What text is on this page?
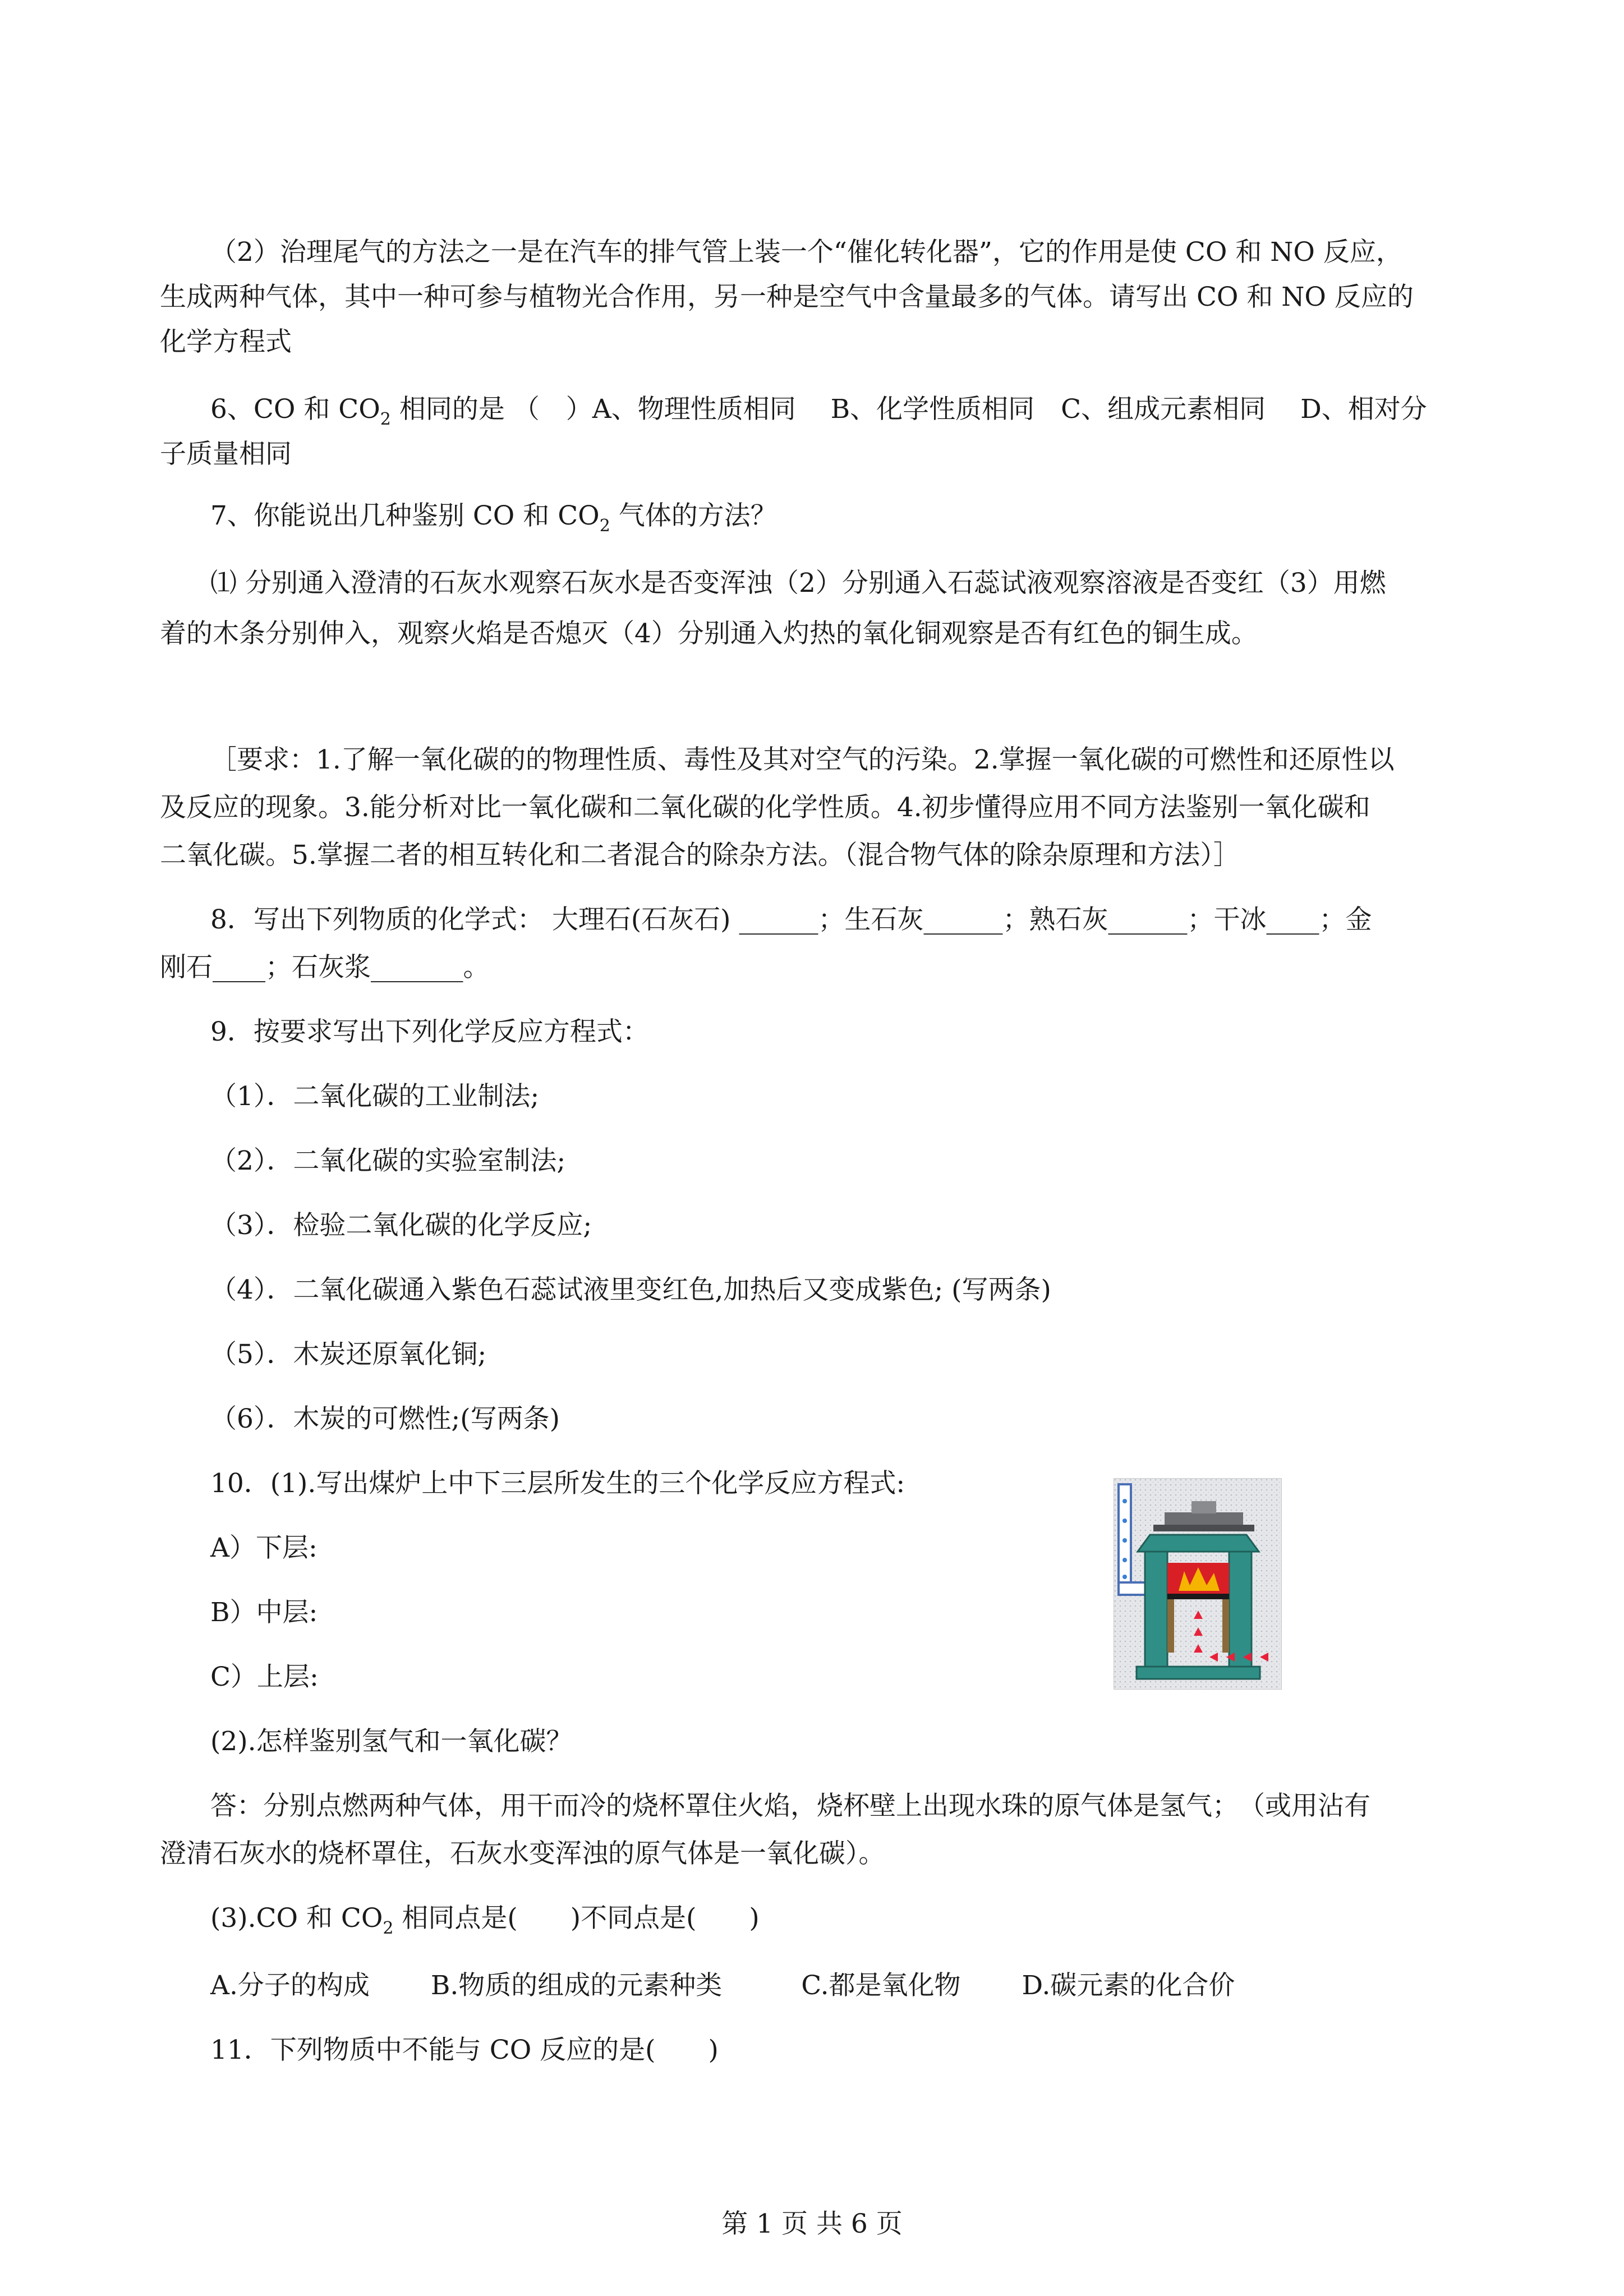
（2）治理尾气的方法之一是在汽车的排气管上装一个“催化转化器”，它的作用是使 CO 和 NO 反应，
生成两种气体，其中一种可参与植物光合作用，另一种是空气中含量最多的气体。请写出 CO 和 NO 反应的
化学方程式
6、CO 和 $CO_2$ 相同的是 （　）A、物理性质相同　 B、化学性质相同　C、组成元素相同　 D、相对分
子质量相同
7、你能说出几种鉴别 CO 和 $CO_2$ 气体的方法？
⑴ 分别通入澄清的石灰水观察石灰水是否变浑浊（2）分别通入石蕊试液观察溶液是否变红（3）用燃
着的木条分别伸入，观察火焰是否熄灭（4）分别通入灼热的氧化铜观察是否有红色的铜生成。
［要求：1.了解一氧化碳的的物理性质、毒性及其对空气的污染。2.掌握一氧化碳的可燃性和还原性以
及反应的现象。3.能分析对比一氧化碳和二氧化碳的化学性质。4.初步懂得应用不同方法鉴别一氧化碳和
二氧化碳。5.掌握二者的相互转化和二者混合的除杂方法。（混合物气体的除杂原理和方法）］
8．写出下列物质的化学式： 大理石(石灰石) ______；生石灰______；熟石灰______；干冰____；金
刚石____；石灰浆_______。
9．按要求写出下列化学反应方程式：
（1）．二氧化碳的工业制法;
（2）．二氧化碳的实验室制法;
（3）．检验二氧化碳的化学反应;
（4）．二氧化碳通入紫色石蕊试液里变红色,加热后又变成紫色; (写两条)
（5）．木炭还原氧化铜;
（6）．木炭的可燃性;(写两条)
10．(1).写出煤炉上中下三层所发生的三个化学反应方程式:
A）下层:
B）中层:
C）上层:
(2).怎样鉴别氢气和一氧化碳？
答：分别点燃两种气体，用干而冷的烧杯罩住火焰，烧杯壁上出现水珠的原气体是氢气；　（或用沾有
澄清石灰水的烧杯罩住，石灰水变浑浊的原气体是一氧化碳）。
(3).CO 和 $CO_2$ 相同点是(　　)不同点是(　　)
A.分子的构成　　 B.物质的组成的元素种类　　　C.都是氧化物　　 D.碳元素的化合价
11．下列物质中不能与 CO 反应的是(　　)
第 1 页 共 6 页
